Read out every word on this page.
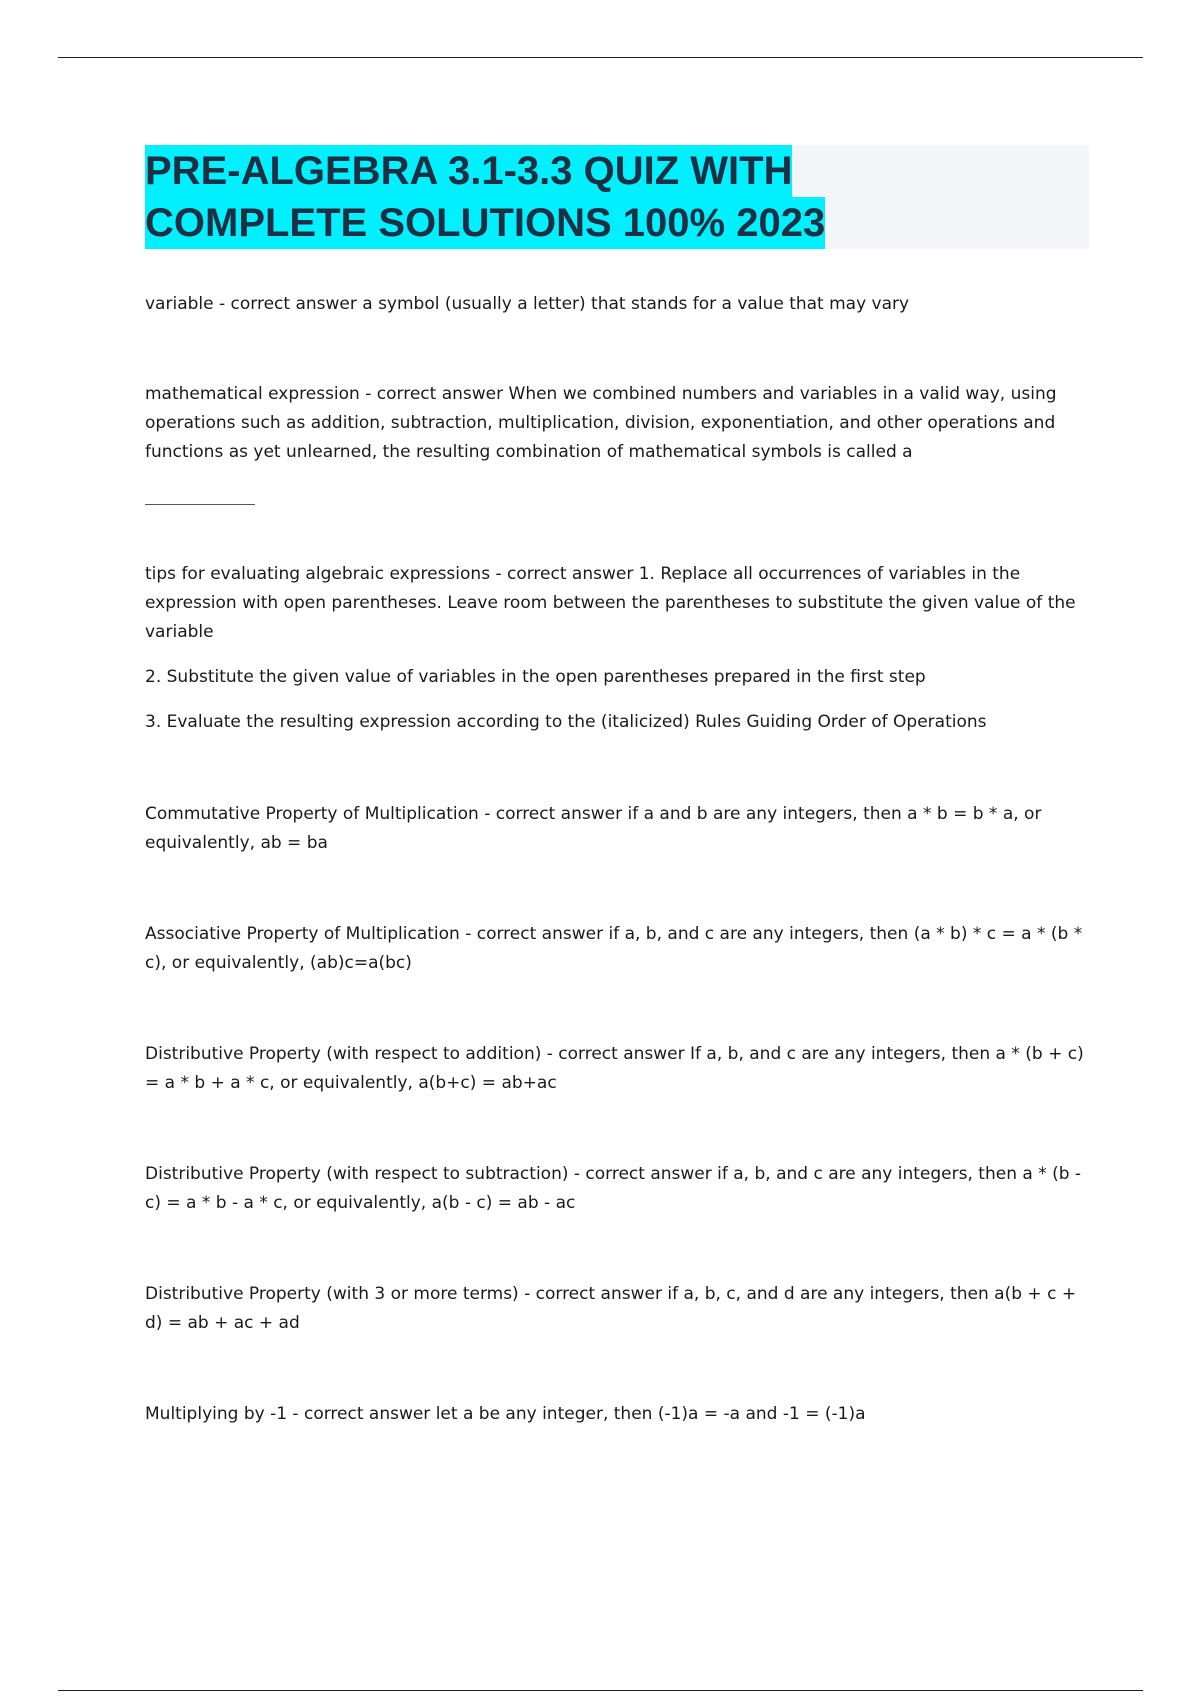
PRE-ALGEBRA 3.1-3.3 QUIZ WITH
COMPLETE SOLUTIONS 100% 2023

variable - correct answer a symbol (usually a letter) that stands for a value that may vary

mathematical expression - correct answer When we combined numbers and variables in a valid way, using operations such as addition, subtraction, multiplication, division, exponentiation, and other operations and functions as yet unlearned, the resulting combination of mathematical symbols is called a

tips for evaluating algebraic expressions - correct answer 1. Replace all occurrences of variables in the expression with open parentheses. Leave room between the parentheses to substitute the given value of the variable

2. Substitute the given value of variables in the open parentheses prepared in the first step

3. Evaluate the resulting expression according to the (italicized) Rules Guiding Order of Operations

Commutative Property of Multiplication - correct answer if a and b are any integers, then a * b = b * a, or equivalently, ab = ba

Associative Property of Multiplication - correct answer if a, b, and c are any integers, then (a * b) * c = a * (b * c), or equivalently, (ab)c=a(bc)

Distributive Property (with respect to addition) - correct answer If a, b, and c are any integers, then a * (b + c) = a * b + a * c, or equivalently, a(b+c) = ab+ac

Distributive Property (with respect to subtraction) - correct answer if a, b, and c are any integers, then a * (b - c) = a * b - a * c, or equivalently, a(b - c) = ab - ac

Distributive Property (with 3 or more terms) - correct answer if a, b, c, and d are any integers, then a(b + c + d) = ab + ac + ad

Multiplying by -1 - correct answer let a be any integer, then (-1)a = -a and -1 = (-1)a
